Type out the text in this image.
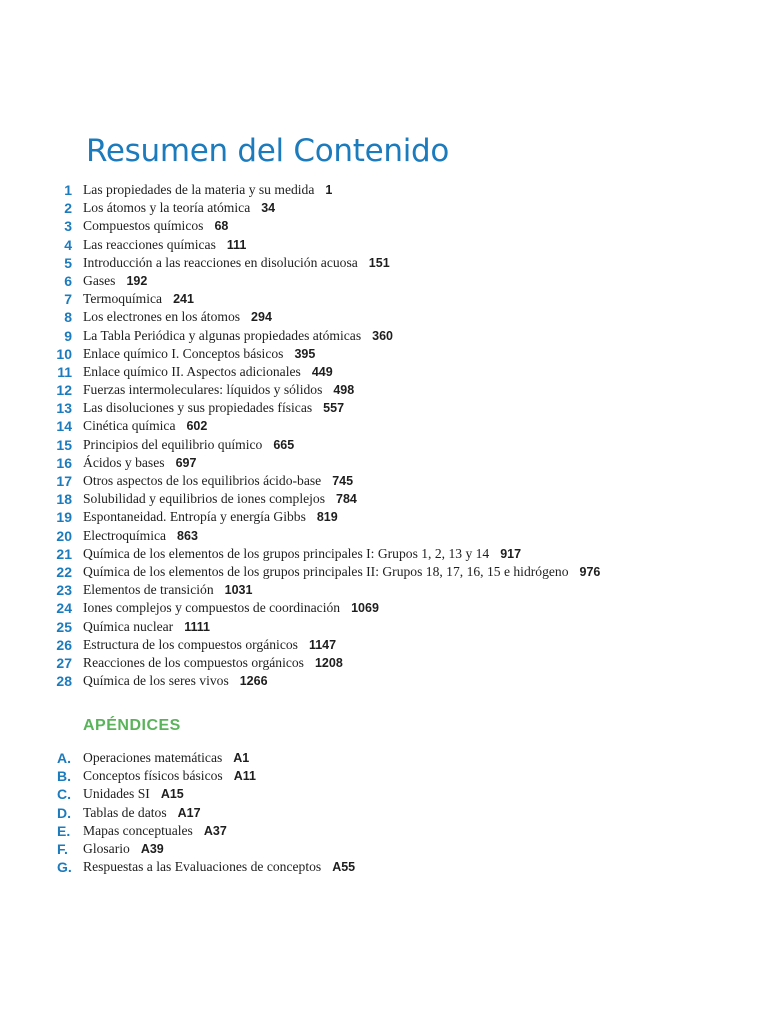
Resumen del Contenido
1 Las propiedades de la materia y su medida 1
2 Los átomos y la teoría atómica 34
3 Compuestos químicos 68
4 Las reacciones químicas 111
5 Introducción a las reacciones en disolución acuosa 151
6 Gases 192
7 Termoquímica 241
8 Los electrones en los átomos 294
9 La Tabla Periódica y algunas propiedades atómicas 360
10 Enlace químico I. Conceptos básicos 395
11 Enlace químico II. Aspectos adicionales 449
12 Fuerzas intermoleculares: líquidos y sólidos 498
13 Las disoluciones y sus propiedades físicas 557
14 Cinética química 602
15 Principios del equilibrio químico 665
16 Ácidos y bases 697
17 Otros aspectos de los equilibrios ácido-base 745
18 Solubilidad y equilibrios de iones complejos 784
19 Espontaneidad. Entropía y energía Gibbs 819
20 Electroquímica 863
21 Química de los elementos de los grupos principales I: Grupos 1, 2, 13 y 14 917
22 Química de los elementos de los grupos principales II: Grupos 18, 17, 16, 15 e hidrógeno 976
23 Elementos de transición 1031
24 Iones complejos y compuestos de coordinación 1069
25 Química nuclear 1111
26 Estructura de los compuestos orgánicos 1147
27 Reacciones de los compuestos orgánicos 1208
28 Química de los seres vivos 1266
APÉNDICES
A. Operaciones matemáticas A1
B. Conceptos físicos básicos A11
C. Unidades SI A15
D. Tablas de datos A17
E. Mapas conceptuales A37
F. Glosario A39
G. Respuestas a las Evaluaciones de conceptos A55
